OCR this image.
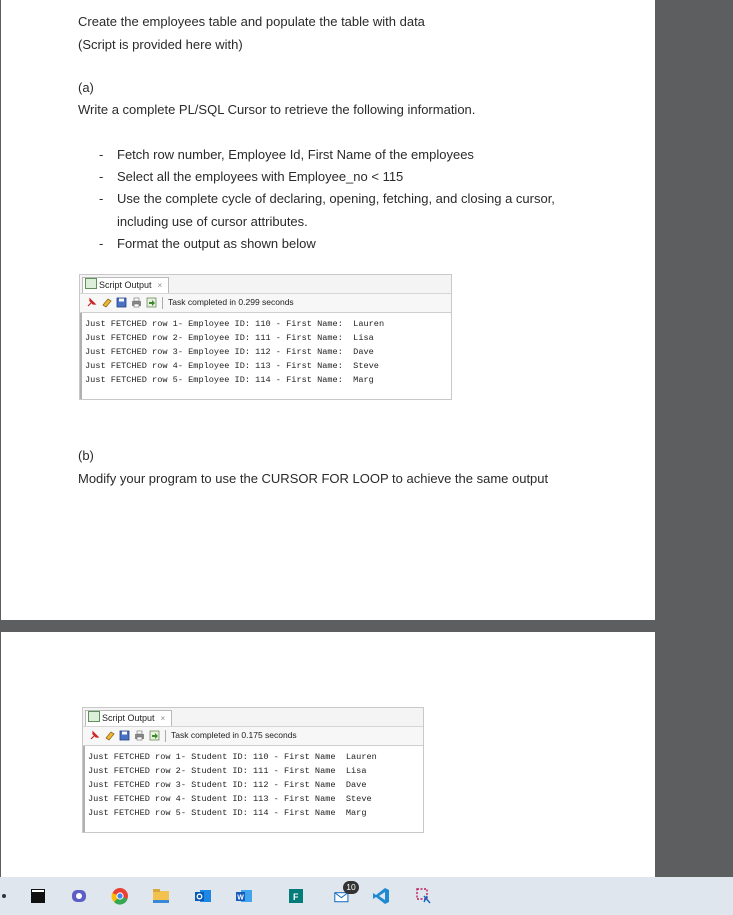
Create the employees table and populate the table with data
(Script is provided here with)
(a)
Write a complete PL/SQL Cursor to retrieve the following information.
- Fetch row number, Employee Id, First Name of the employees
- Select all the employees with Employee_no < 115
- Use the complete cycle of declaring, opening, fetching, and closing a cursor,
including use of cursor attributes.
- Format the output as shown below
Script Output ×
Task completed in 0.299 seconds
Just FETCHED row 1- Employee ID: 110 - First Name:  Lauren
Just FETCHED row 2- Employee ID: 111 - First Name:  Lisa
Just FETCHED row 3- Employee ID: 112 - First Name:  Dave
Just FETCHED row 4- Employee ID: 113 - First Name:  Steve
Just FETCHED row 5- Employee ID: 114 - First Name:  Marg
(b)
Modify your program to use the CURSOR FOR LOOP to achieve the same output
Script Output ×
Task completed in 0.175 seconds
Just FETCHED row 1- Student ID: 110 - First Name  Lauren
Just FETCHED row 2- Student ID: 111 - First Name  Lisa
Just FETCHED row 3- Student ID: 112 - First Name  Dave
Just FETCHED row 4- Student ID: 113 - First Name  Steve
Just FETCHED row 5- Student ID: 114 - First Name  Marg
W	F
10
